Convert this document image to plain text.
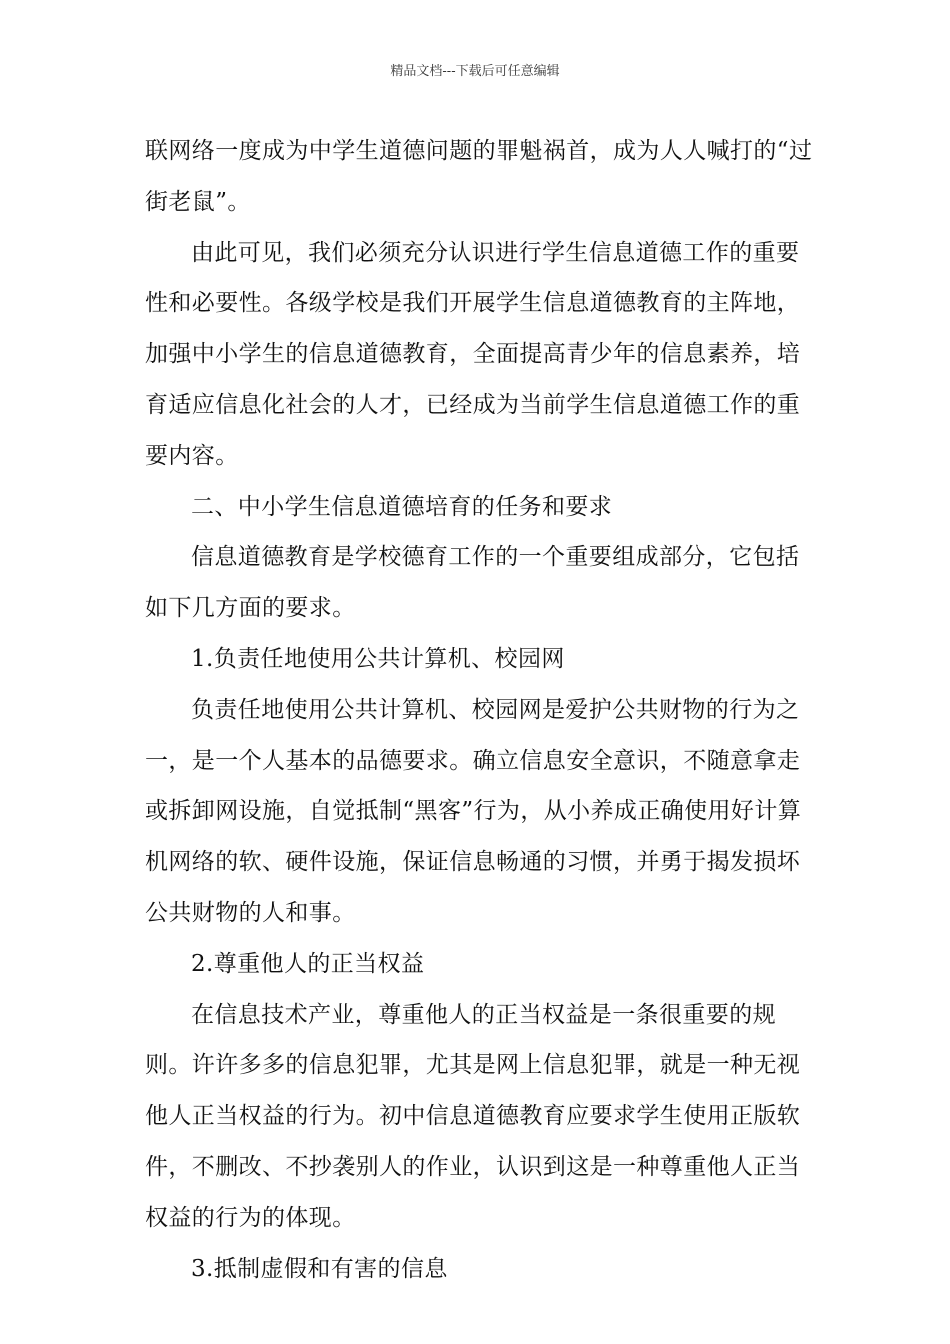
精品文档---下载后可任意编辑

联网络一度成为中学生道德问题的罪魁祸首，成为人人喊打的“过街老鼠”。

由此可见，我们必须充分认识进行学生信息道德工作的重要性和必要性。各级学校是我们开展学生信息道德教育的主阵地，加强中小学生的信息道德教育，全面提高青少年的信息素养，培育适应信息化社会的人才，已经成为当前学生信息道德工作的重要内容。

二、中小学生信息道德培育的任务和要求

信息道德教育是学校德育工作的一个重要组成部分，它包括如下几方面的要求。

1.负责任地使用公共计算机、校园网

负责任地使用公共计算机、校园网是爱护公共财物的行为之一，是一个人基本的品德要求。确立信息安全意识，不随意拿走或拆卸网设施，自觉抵制“黑客”行为，从小养成正确使用好计算机网络的软、硬件设施，保证信息畅通的习惯，并勇于揭发损坏公共财物的人和事。

2.尊重他人的正当权益

在信息技术产业，尊重他人的正当权益是一条很重要的规则。许许多多的信息犯罪，尤其是网上信息犯罪，就是一种无视他人正当权益的行为。初中信息道德教育应要求学生使用正版软件，不删改、不抄袭别人的作业，认识到这是一种尊重他人正当权益的行为的体现。

3.抵制虚假和有害的信息
